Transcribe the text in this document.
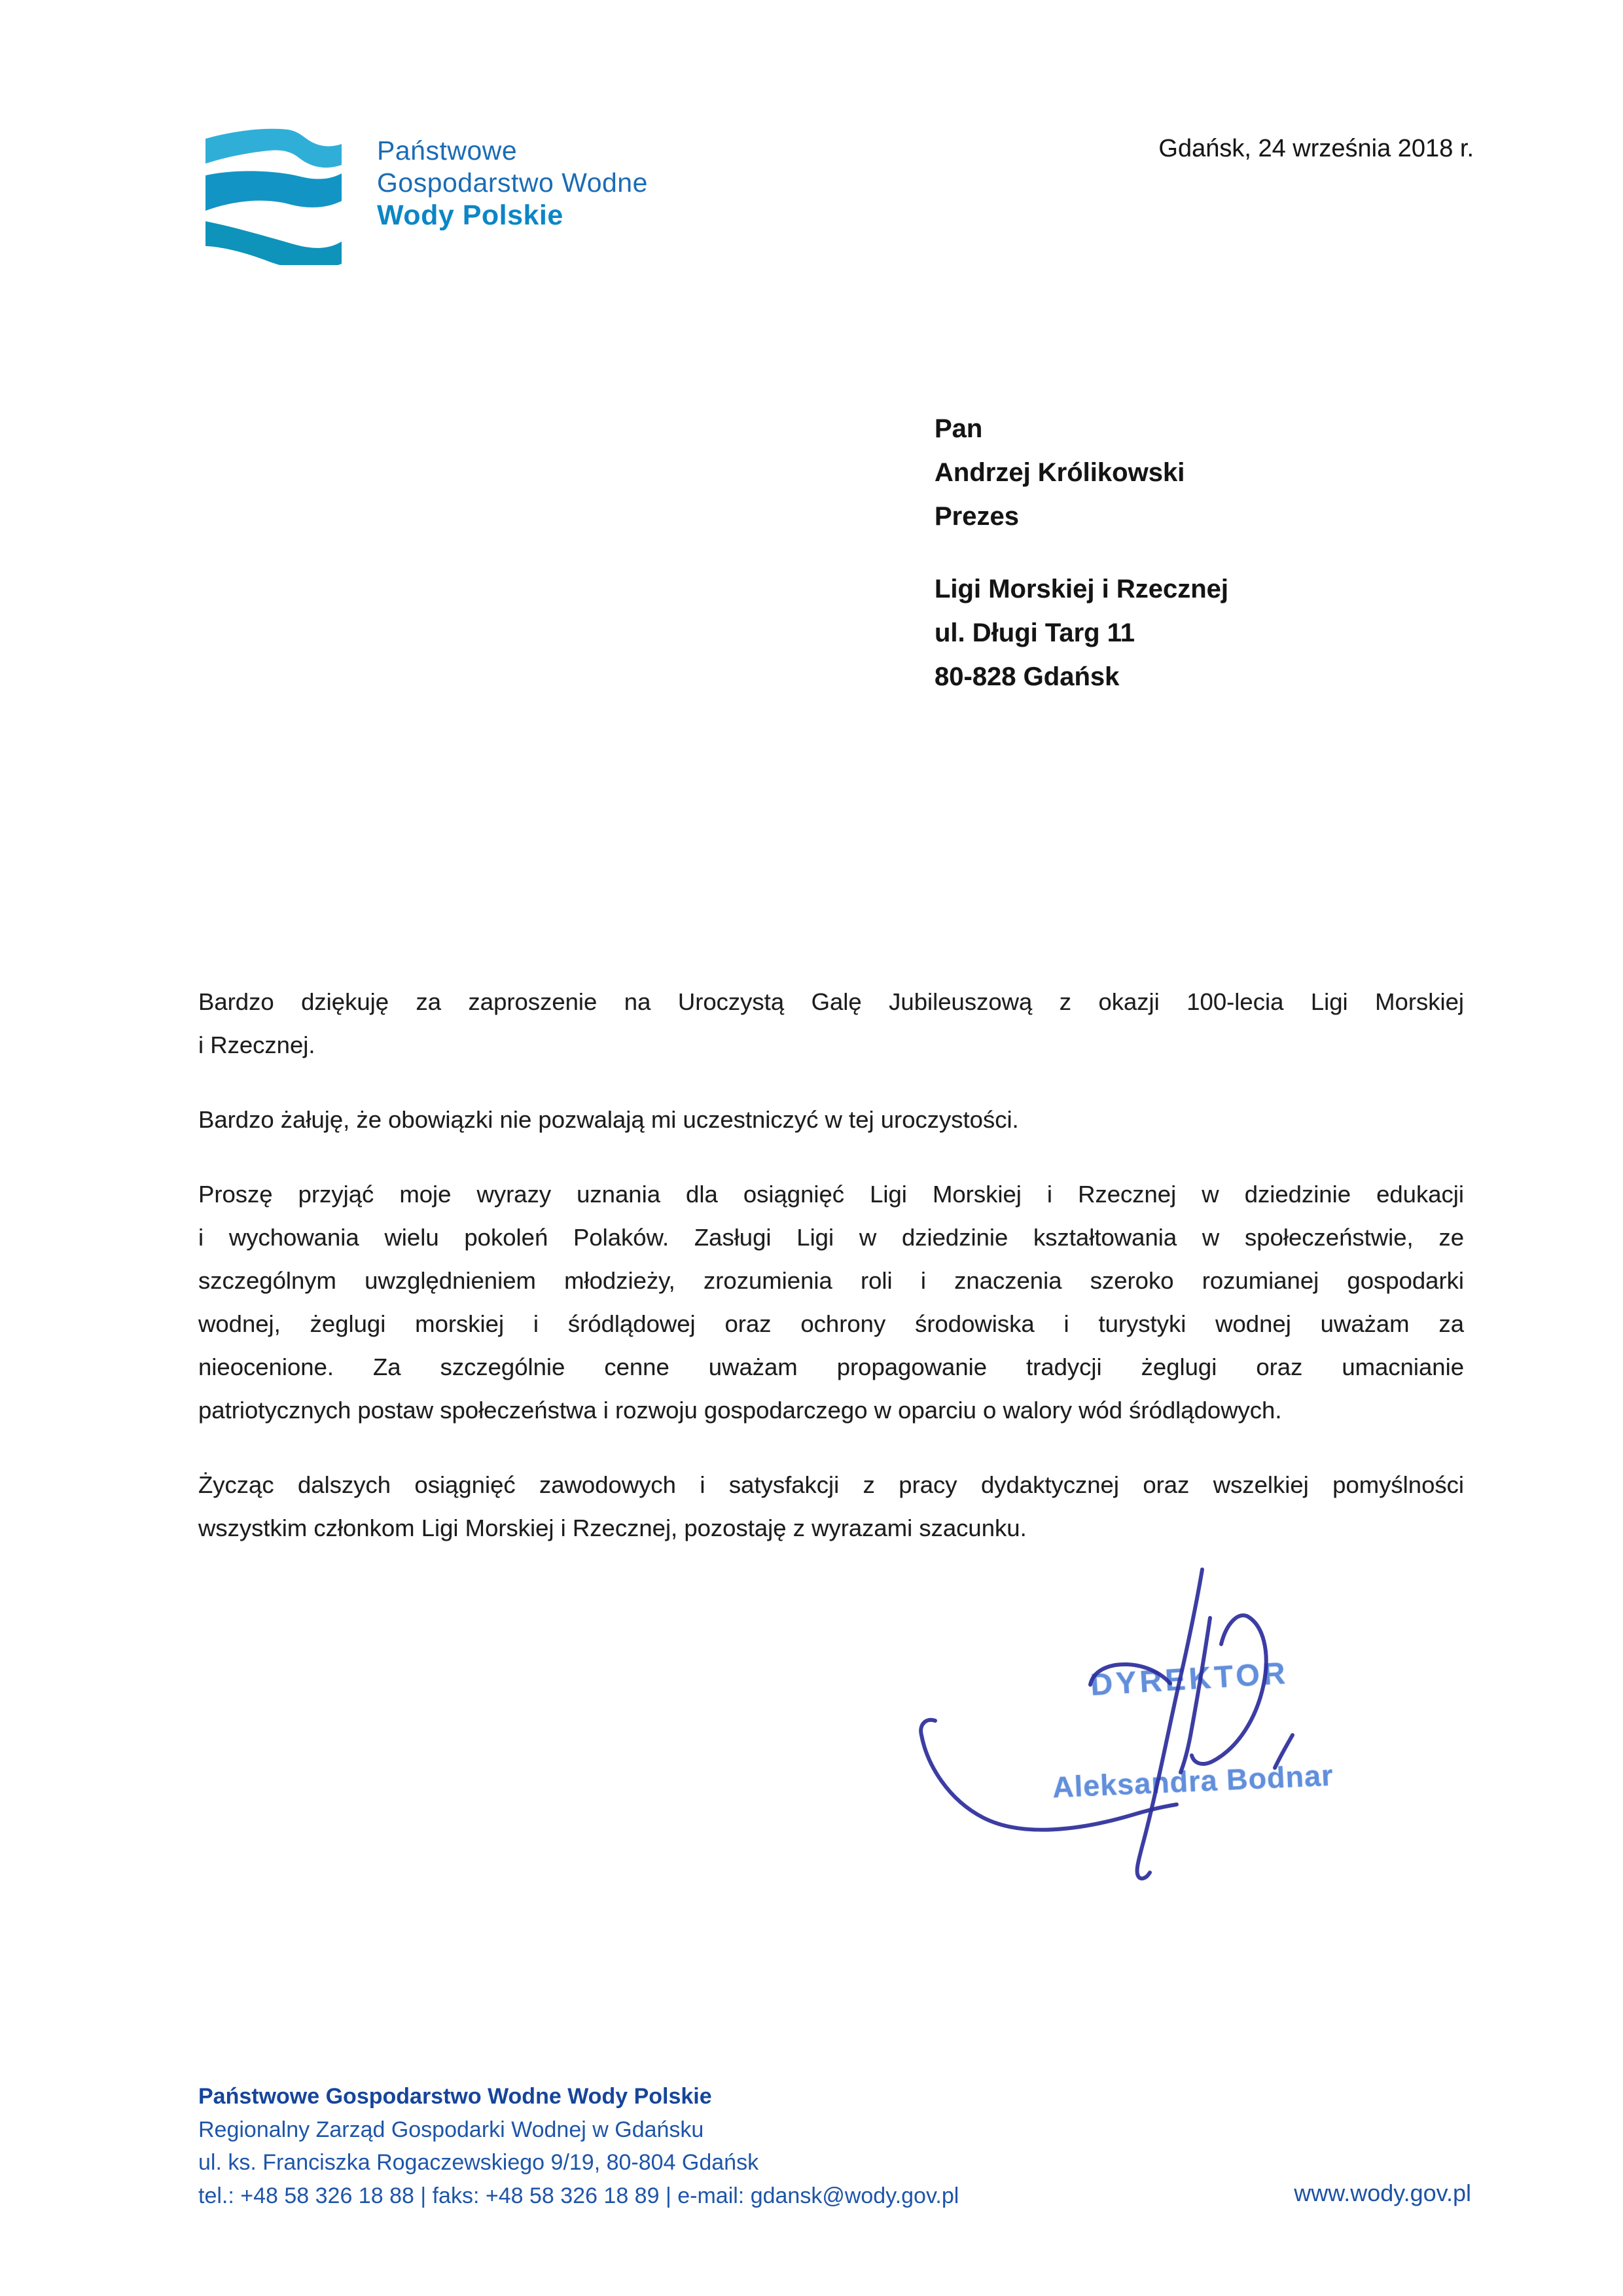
Państwowe
Gospodarstwo Wodne
Wody Polskie
Gdańsk, 24 września 2018 r.
Pan
Andrzej Królikowski
Prezes
Ligi Morskiej i Rzecznej
ul. Długi Targ 11
80-828 Gdańsk
Bardzo dziękuję za zaproszenie na Uroczystą Galę Jubileuszową z okazji 100-lecia Ligi Morskiej
i Rzecznej.
Bardzo żałuję, że obowiązki nie pozwalają mi uczestniczyć w tej uroczystości.
Proszę przyjąć moje wyrazy uznania dla osiągnięć Ligi Morskiej i Rzecznej w dziedzinie edukacji
i wychowania wielu pokoleń Polaków. Zasługi Ligi w dziedzinie kształtowania w społeczeństwie, ze
szczególnym uwzględnieniem młodzieży, zrozumienia roli i znaczenia szeroko rozumianej gospodarki
wodnej, żeglugi morskiej i śródlądowej oraz ochrony środowiska i turystyki wodnej uważam za
nieocenione. Za szczególnie cenne uważam propagowanie tradycji żeglugi oraz umacnianie
patriotycznych postaw społeczeństwa i rozwoju gospodarczego w oparciu o walory wód śródlądowych.
Życząc dalszych osiągnięć zawodowych i satysfakcji z pracy dydaktycznej oraz wszelkiej pomyślności
wszystkim członkom Ligi Morskiej i Rzecznej, pozostaję z wyrazami szacunku.
DYREKTOR
Aleksandra Bodnar
Państwowe Gospodarstwo Wodne Wody Polskie
Regionalny Zarząd Gospodarki Wodnej w Gdańsku
ul. ks. Franciszka Rogaczewskiego 9/19, 80-804 Gdańsk
tel.: +48 58 326 18 88 | faks: +48 58 326 18 89 | e-mail: gdansk@wody.gov.pl	www.wody.gov.pl
